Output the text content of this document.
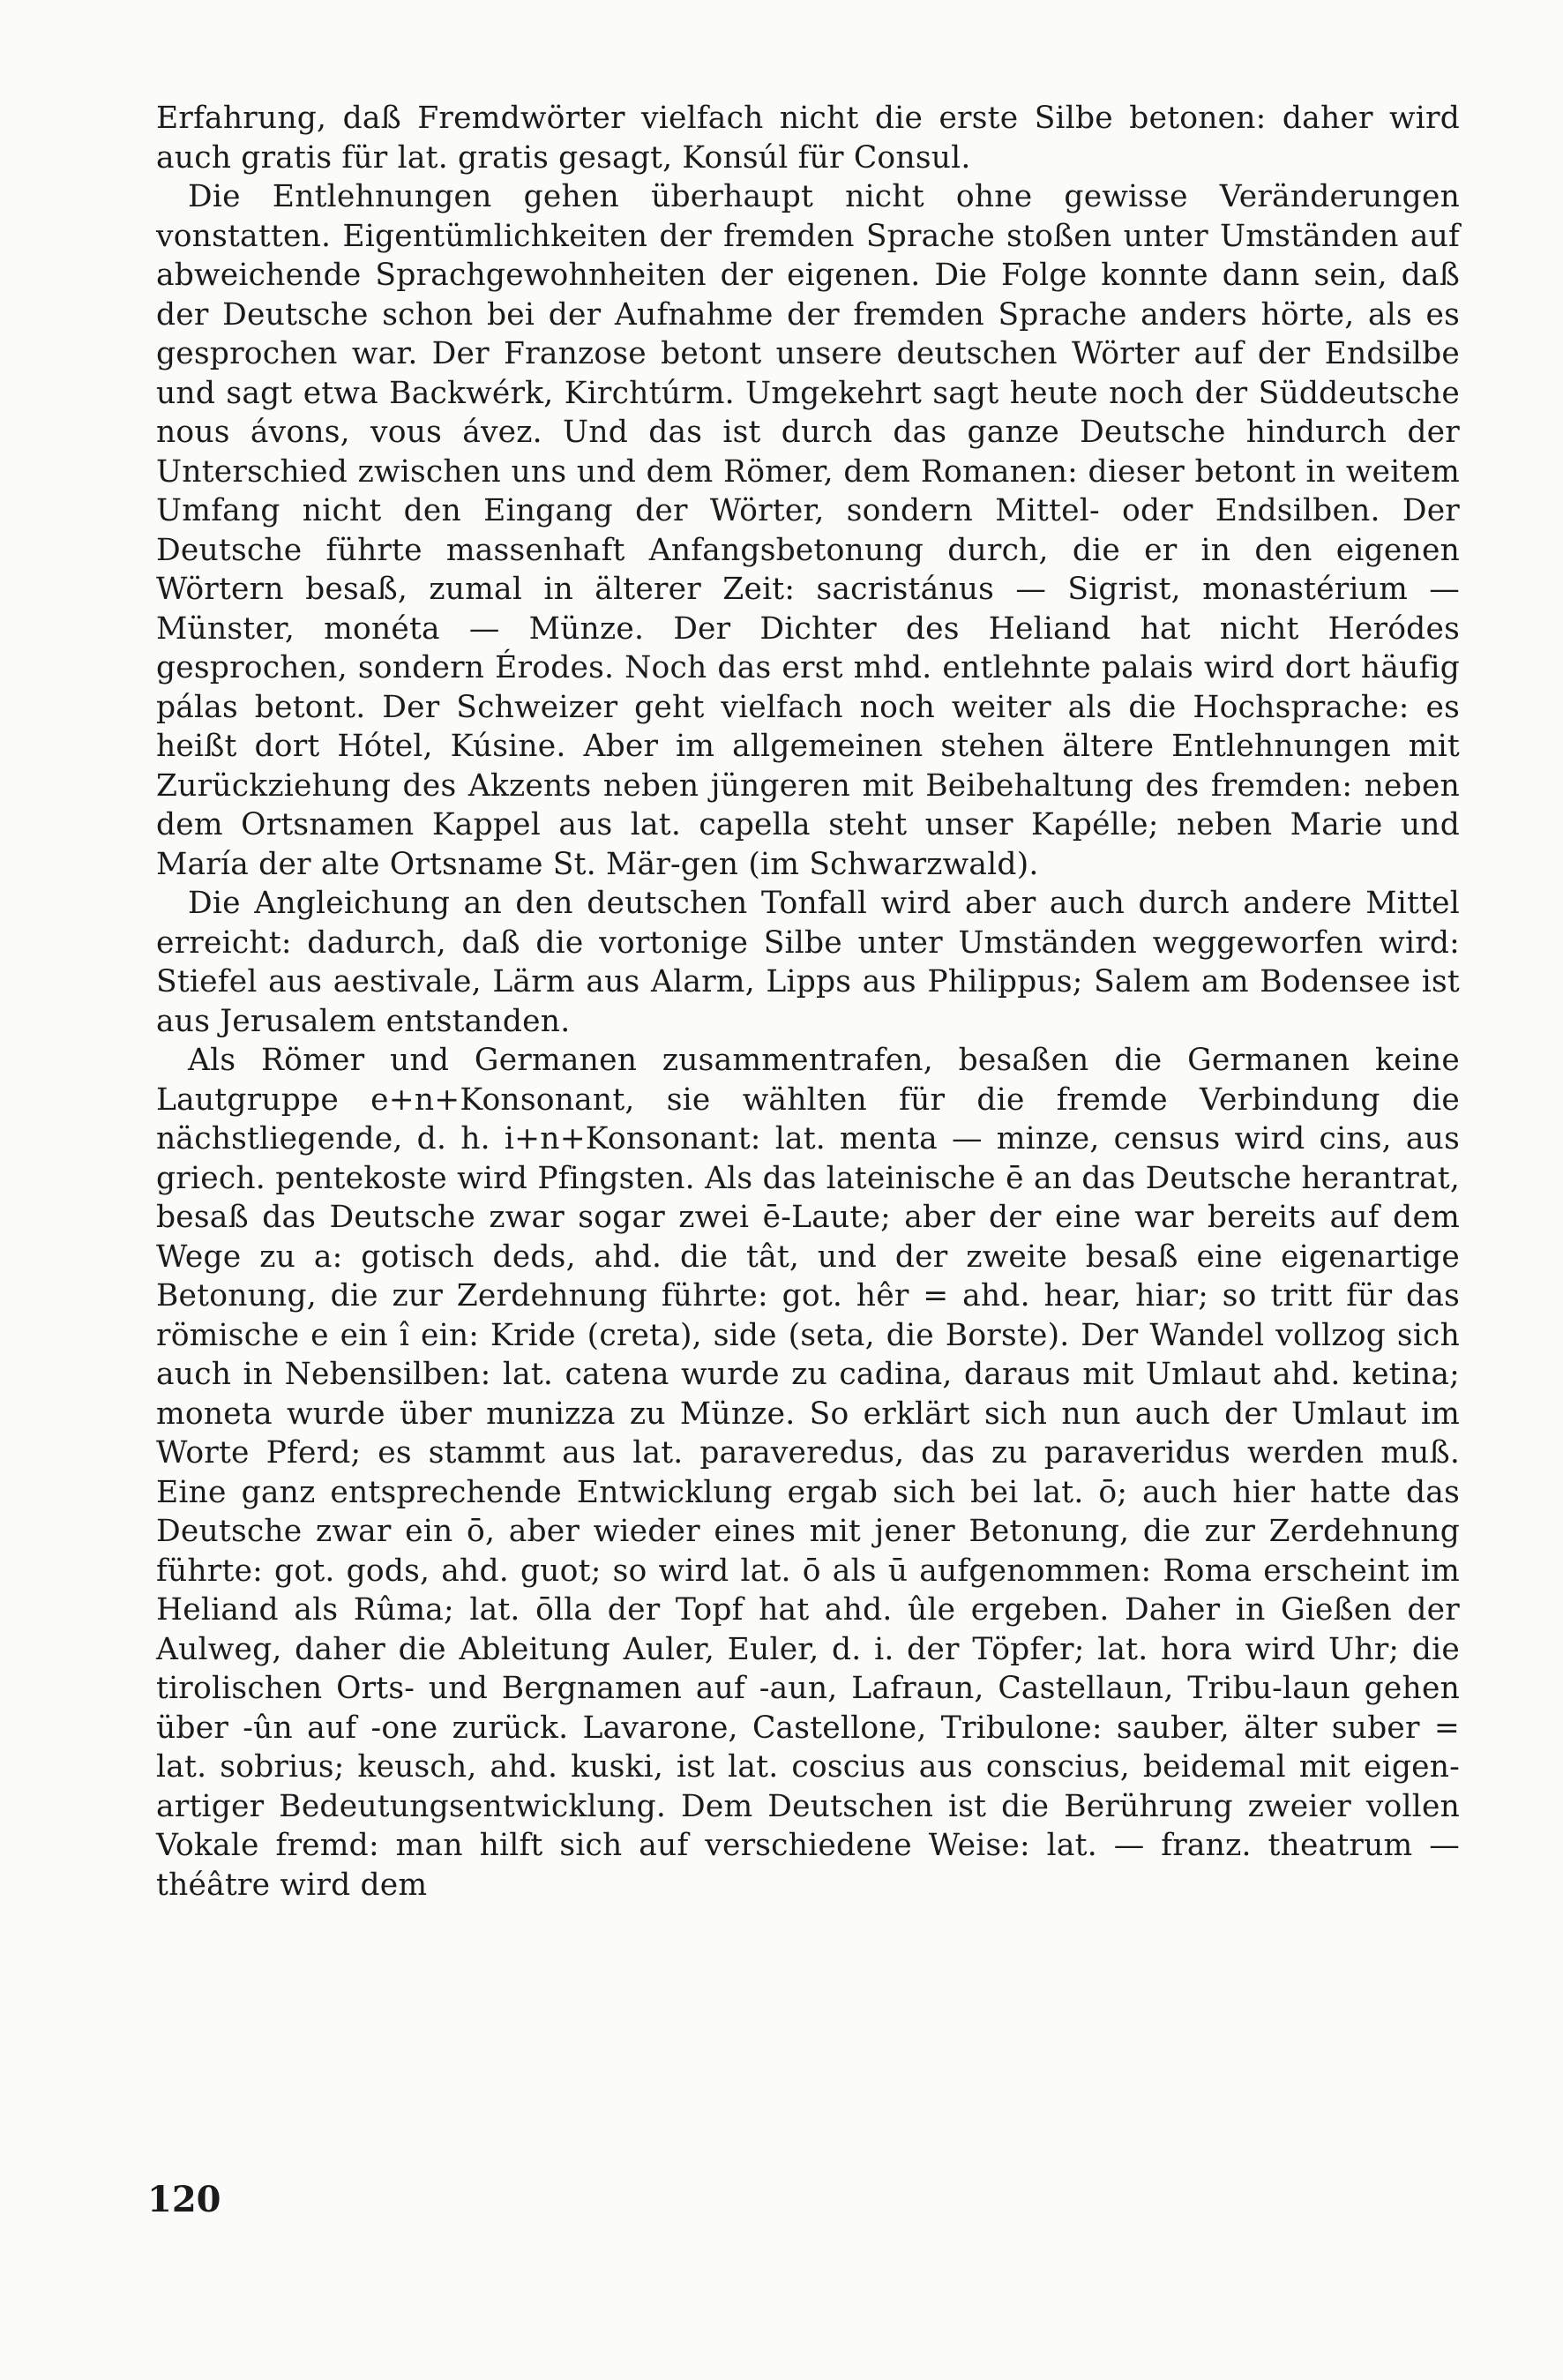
Erfahrung, daß Fremdwörter vielfach nicht die erste Silbe betonen: daher wird auch gratis für lat. gratis gesagt, Konsúl für Consul.

Die Entlehnungen gehen überhaupt nicht ohne gewisse Veränderungen vonstatten. Eigentümlichkeiten der fremden Sprache stoßen unter Umständen auf abweichende Sprachgewohnheiten der eigenen. Die Folge konnte dann sein, daß der Deutsche schon bei der Aufnahme der fremden Sprache anders hörte, als es gesprochen war. Der Franzose betont unsere deutschen Wörter auf der Endsilbe und sagt etwa Backwérk, Kirchtúrm. Umgekehrt sagt heute noch der Süddeutsche nous ávons, vous ávez. Und das ist durch das ganze Deutsche hindurch der Unterschied zwischen uns und dem Römer, dem Romanen: dieser betont in weitem Umfang nicht den Eingang der Wörter, sondern Mittel- oder Endsilben. Der Deutsche führte massenhaft Anfangsbetonung durch, die er in den eigenen Wörtern besaß, zumal in älterer Zeit: sacristánus — Sigrist, monastérium — Münster, monéta — Münze. Der Dichter des Heliand hat nicht Heródes gesprochen, sondern Érodes. Noch das erst mhd. entlehnte palais wird dort häufig pálas betont. Der Schweizer geht vielfach noch weiter als die Hochsprache: es heißt dort Hótel, Kúsine. Aber im allgemeinen stehen ältere Entlehnungen mit Zurückziehung des Akzents neben jüngeren mit Beibehaltung des fremden: neben dem Ortsnamen Kappel aus lat. capella steht unser Kapélle; neben Marie und María der alte Ortsname St. Mär-gen (im Schwarzwald).

Die Angleichung an den deutschen Tonfall wird aber auch durch andere Mittel erreicht: dadurch, daß die vortonige Silbe unter Umständen weggeworfen wird: Stiefel aus aestivale, Lärm aus Alarm, Lipps aus Philippus; Salem am Bodensee ist aus Jerusalem entstanden.

Als Römer und Germanen zusammentrafen, besaßen die Germanen keine Lautgruppe e+n+Konsonant, sie wählten für die fremde Verbindung die nächstliegende, d. h. i+n+Konsonant: lat. menta — minze, census wird cins, aus griech. pentekoste wird Pfingsten. Als das lateinische ē an das Deutsche herantrat, besaß das Deutsche zwar sogar zwei ē-Laute; aber der eine war bereits auf dem Wege zu a: gotisch deds, ahd. die tât, und der zweite besaß eine eigenartige Betonung, die zur Zerdehnung führte: got. hêr = ahd. hear, hiar; so tritt für das römische e ein î ein: Kride (creta), side (seta, die Borste). Der Wandel vollzog sich auch in Nebensilben: lat. catena wurde zu cadina, daraus mit Umlaut ahd. ketina; moneta wurde über munizza zu Münze. So erklärt sich nun auch der Umlaut im Worte Pferd; es stammt aus lat. paraveredus, das zu paraveridus werden muß. Eine ganz entsprechende Entwicklung ergab sich bei lat. ō; auch hier hatte das Deutsche zwar ein ō, aber wieder eines mit jener Betonung, die zur Zerdehnung führte: got. gods, ahd. guot; so wird lat. ō als ū aufgenommen: Roma erscheint im Heliand als Rûma; lat. ōlla der Topf hat ahd. ûle ergeben. Daher in Gießen der Aulweg, daher die Ableitung Auler, Euler, d. i. der Töpfer; lat. hora wird Uhr; die tirolischen Orts- und Bergnamen auf -aun, Lafraun, Castellaun, Tribu-laun gehen über -ûn auf -one zurück. Lavarone, Castellone, Tribulone: sauber, älter suber = lat. sobrius; keusch, ahd. kuski, ist lat. coscius aus conscius, beidemal mit eigen-artiger Bedeutungsentwicklung. Dem Deutschen ist die Berührung zweier vollen Vokale fremd: man hilft sich auf verschiedene Weise: lat. — franz. theatrum — théâtre wird dem

120
